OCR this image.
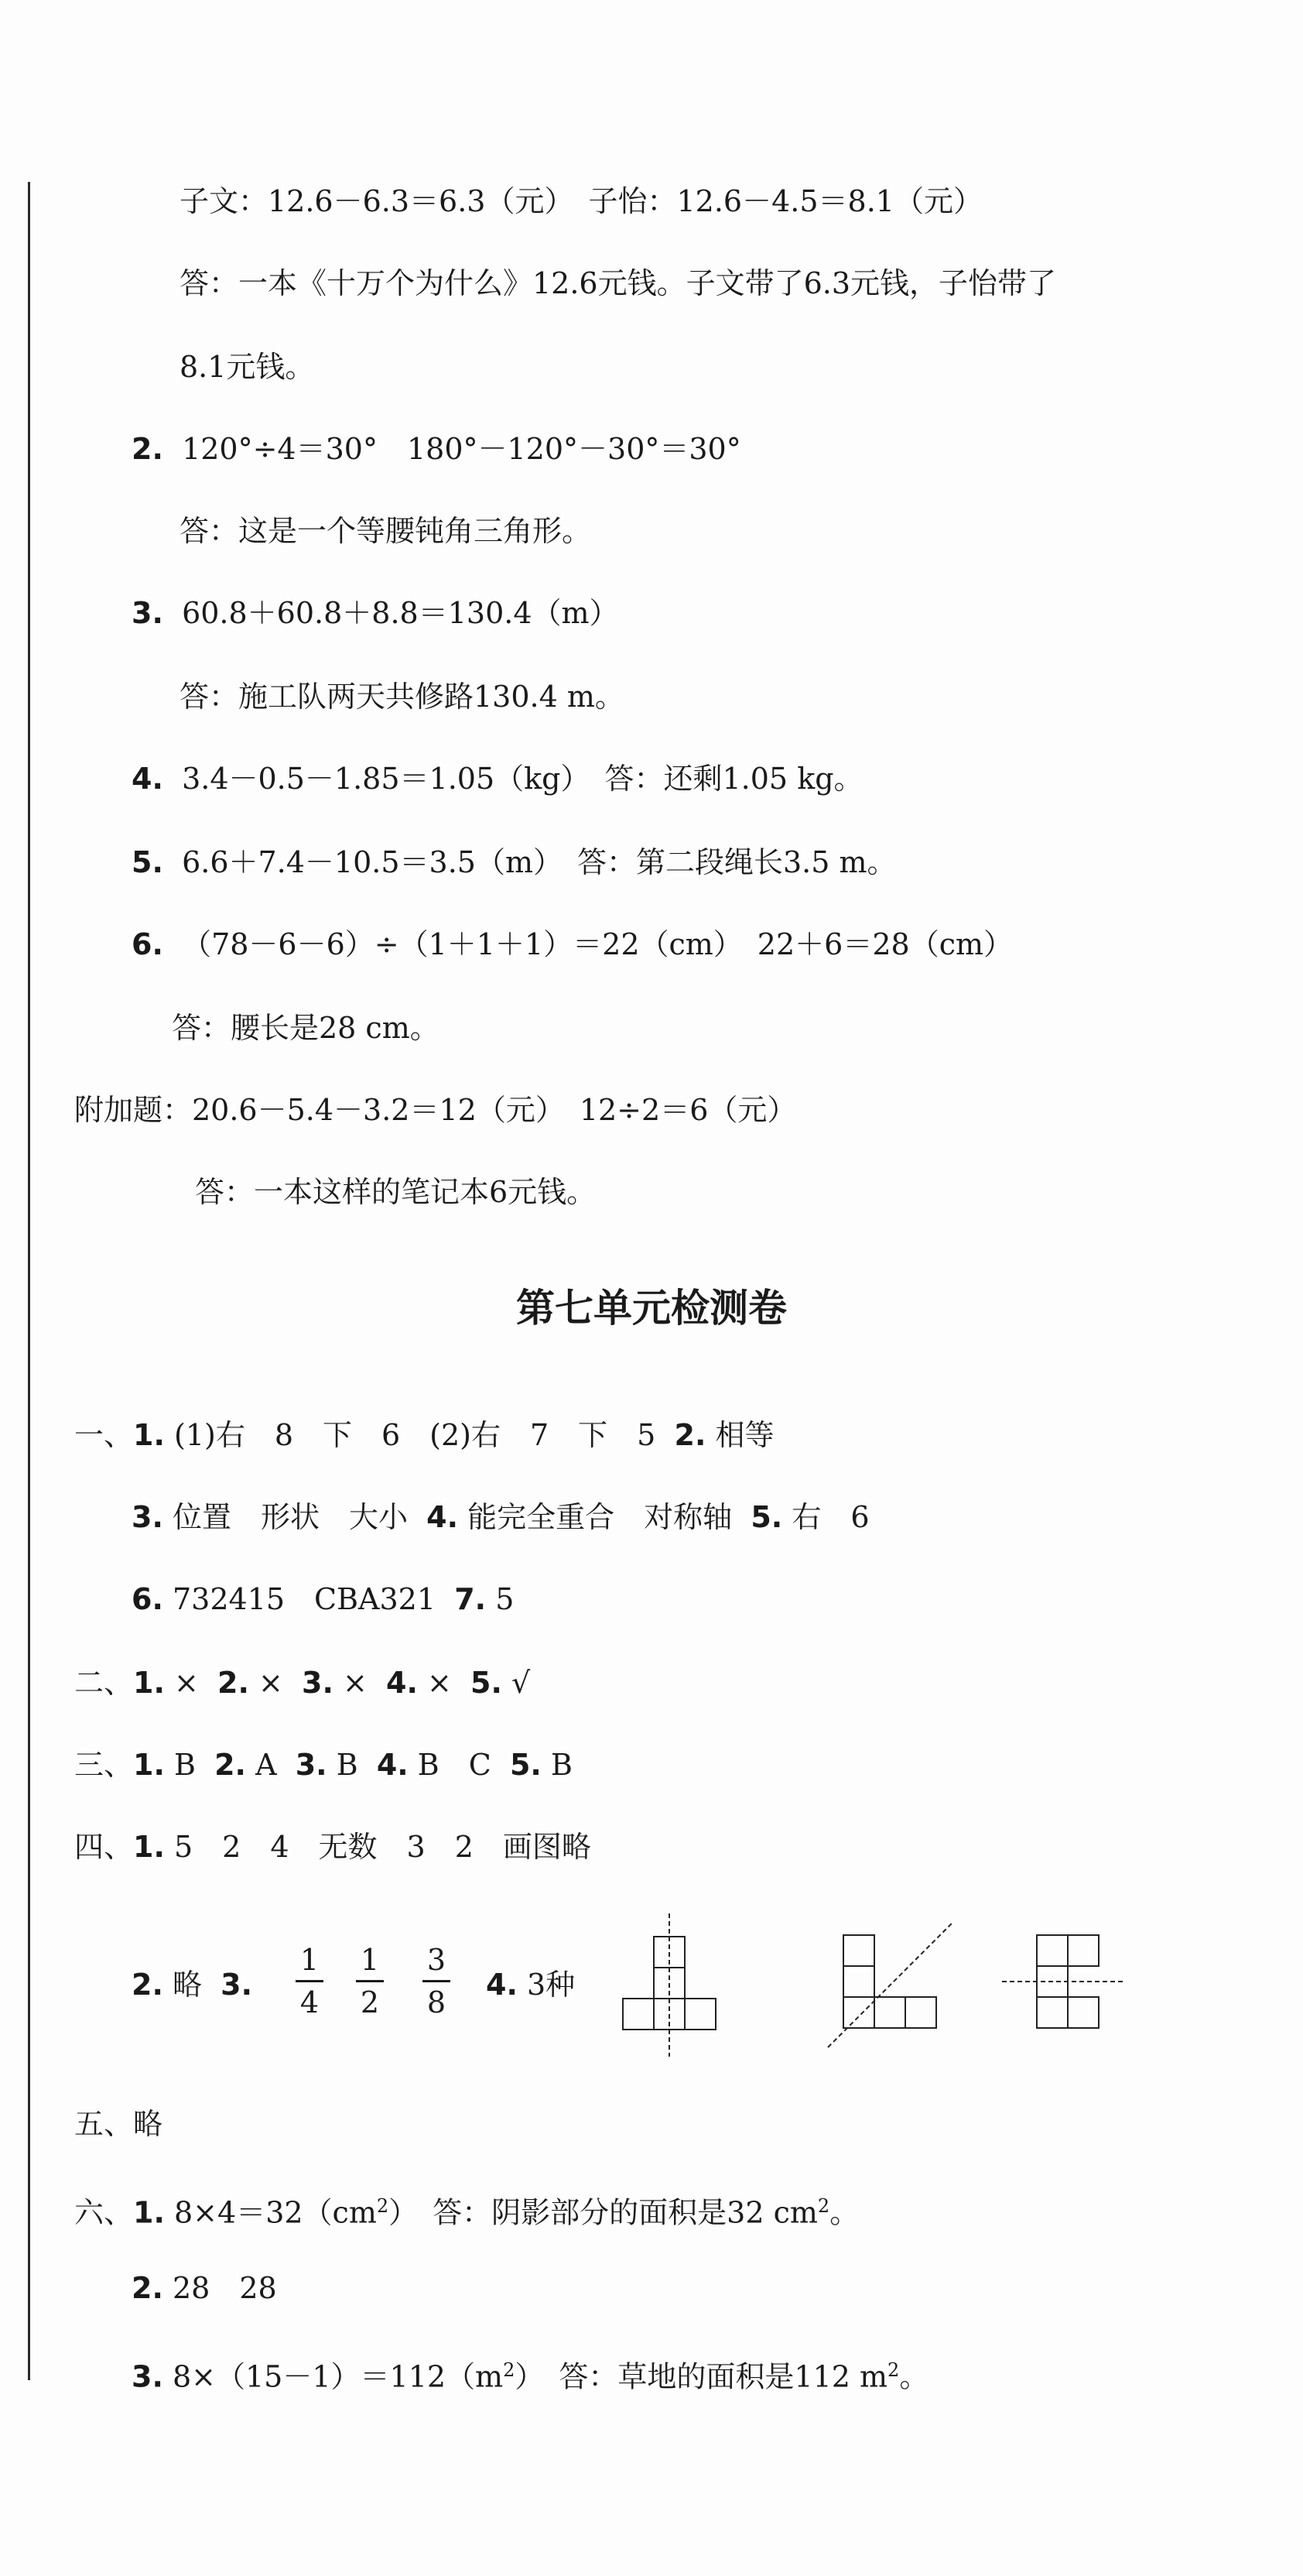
子文：12.6－6.3＝6.3（元）　子怡：12.6－4.5＝8.1（元）
答：一本《十万个为什么》12.6元钱。子文带了6.3元钱，子怡带了
8.1元钱。
2. 120°÷4＝30°　180°－120°－30°＝30°
答：这是一个等腰钝角三角形。
3. 60.8＋60.8＋8.8＝130.4（m）
答：施工队两天共修路130.4 m。
4. 3.4－0.5－1.85＝1.05（kg）　答：还剩1.05 kg。
5. 6.6＋7.4－10.5＝3.5（m）　答：第二段绳长3.5 m。
6. （78－6－6）÷（1＋1＋1）＝22（cm）　22＋6＝28（cm）
答：腰长是28 cm。
附加题：20.6－5.4－3.2＝12（元）　12÷2＝6（元）
答：一本这样的笔记本6元钱。
第七单元检测卷
一、1. (1)右　8　下　6　(2)右　7　下　5 2. 相等
3. 位置　形状　大小 4. 能完全重合　对称轴 5. 右　6
6. 732415　CBA321 7. 5
二、1. × 2. × 3. × 4. × 5. √
三、1. B 2. A 3. B 4. B　C 5. B
四、1. 5　2　4　无数　3　2　画图略
2. 略 3.
1
4
1
2
3
8
4. 3种
五、略
六、1. $8\times 4=32(cm^2)$　答：阴影部分的面积是32 $cm^2$。
2. 28　28
3. $8\times(15-1)=112(m^2)$　答：草地的面积是112 $m^2$。
